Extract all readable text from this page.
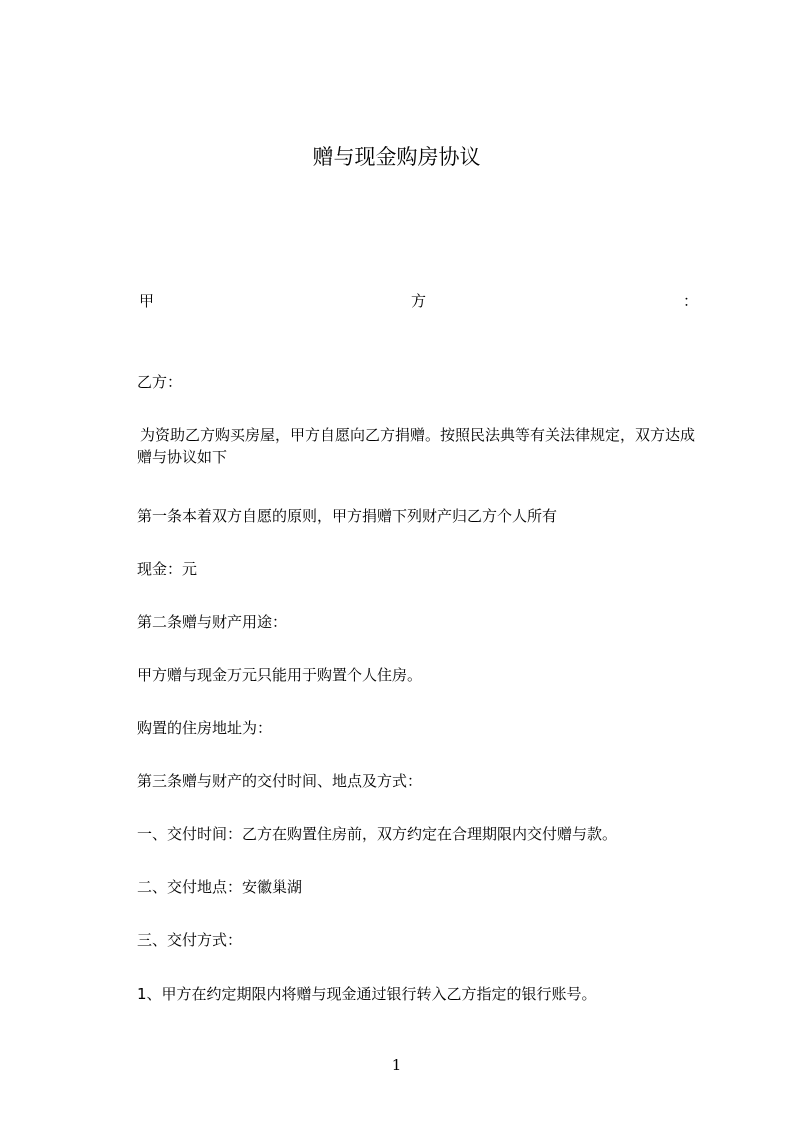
赠与现金购房协议
甲	方	：

乙方：

为资助乙方购买房屋，甲方自愿向乙方捐赠。按照民法典等有关法律规定，双方达成赠与协议如下

第一条本着双方自愿的原则，甲方捐赠下列财产归乙方个人所有

现金：元

第二条赠与财产用途：

甲方赠与现金万元只能用于购置个人住房。

购置的住房地址为：

第三条赠与财产的交付时间、地点及方式：

一、交付时间：乙方在购置住房前，双方约定在合理期限内交付赠与款。

二、交付地点：安徽巢湖

三、交付方式：

1、甲方在约定期限内将赠与现金通过银行转入乙方指定的银行账号。

1
